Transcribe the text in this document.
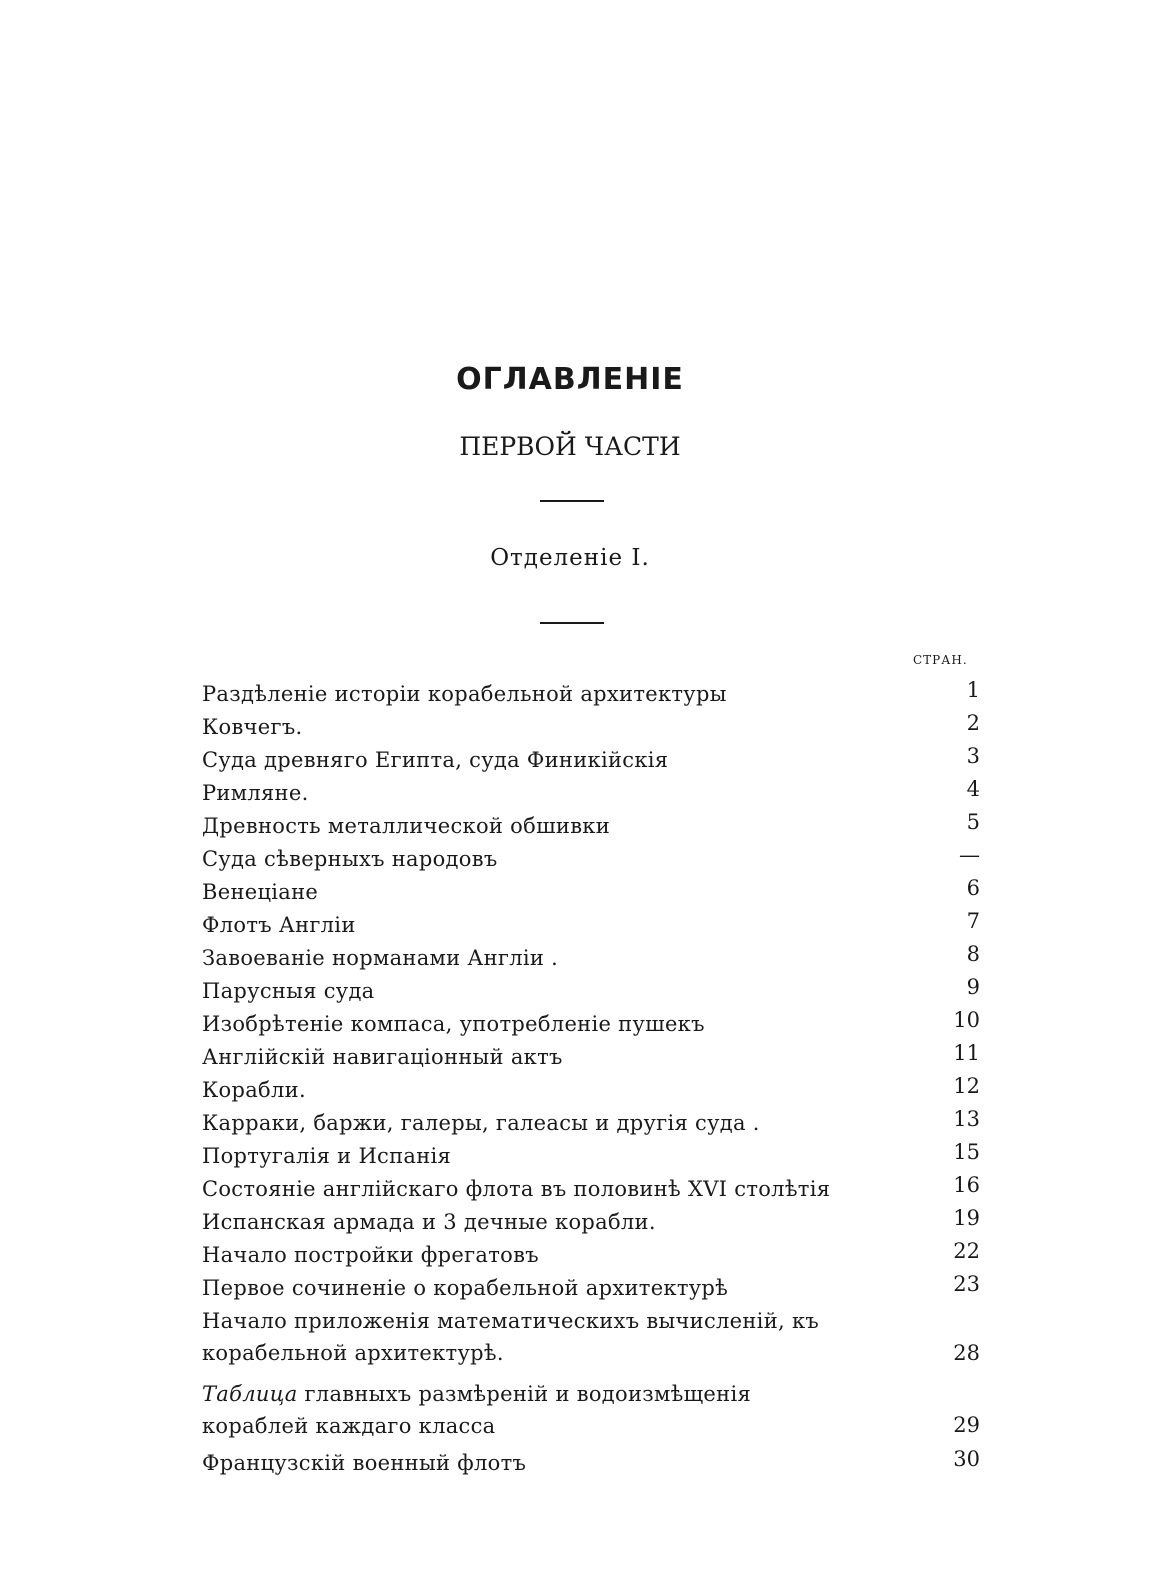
ОГЛАВЛЕНІЕ
ПЕРВОЙ ЧАСТИ
Отделеніе I.
СТРАН.
Раздѣленіе исторіи корабельной архитектуры	1
Ковчегъ.	2
Суда древняго Египта, суда Финикійскія	3
Римляне.	4
Древность металлической обшивки	5
Суда сѣверныхъ народовъ	—
Венеціане	6
Флотъ Англіи	7
Завоеваніе норманами Англіи .	8
Парусныя суда	9
Изобрѣтеніе компаса, употребленіе пушекъ	10
Англійскій навигаціонный актъ	11
Корабли.	12
Карраки, баржи, галеры, галеасы и другія суда .	13
Португалія и Испанія	15
Состояніе англійскаго флота въ половинѣ XVI столѣтія	16
Испанская армада и 3 дечные корабли.	19
Начало постройки фрегатовъ	22
Первое сочиненіе о корабельной архитектурѣ	23
Начало приложенія математическихъ вычисленій, къ корабельной архитектурѣ.	28
Таблица главныхъ размѣреній и водоизмѣщенія кораблей каждаго класса	29
Французскій военный флотъ	30
